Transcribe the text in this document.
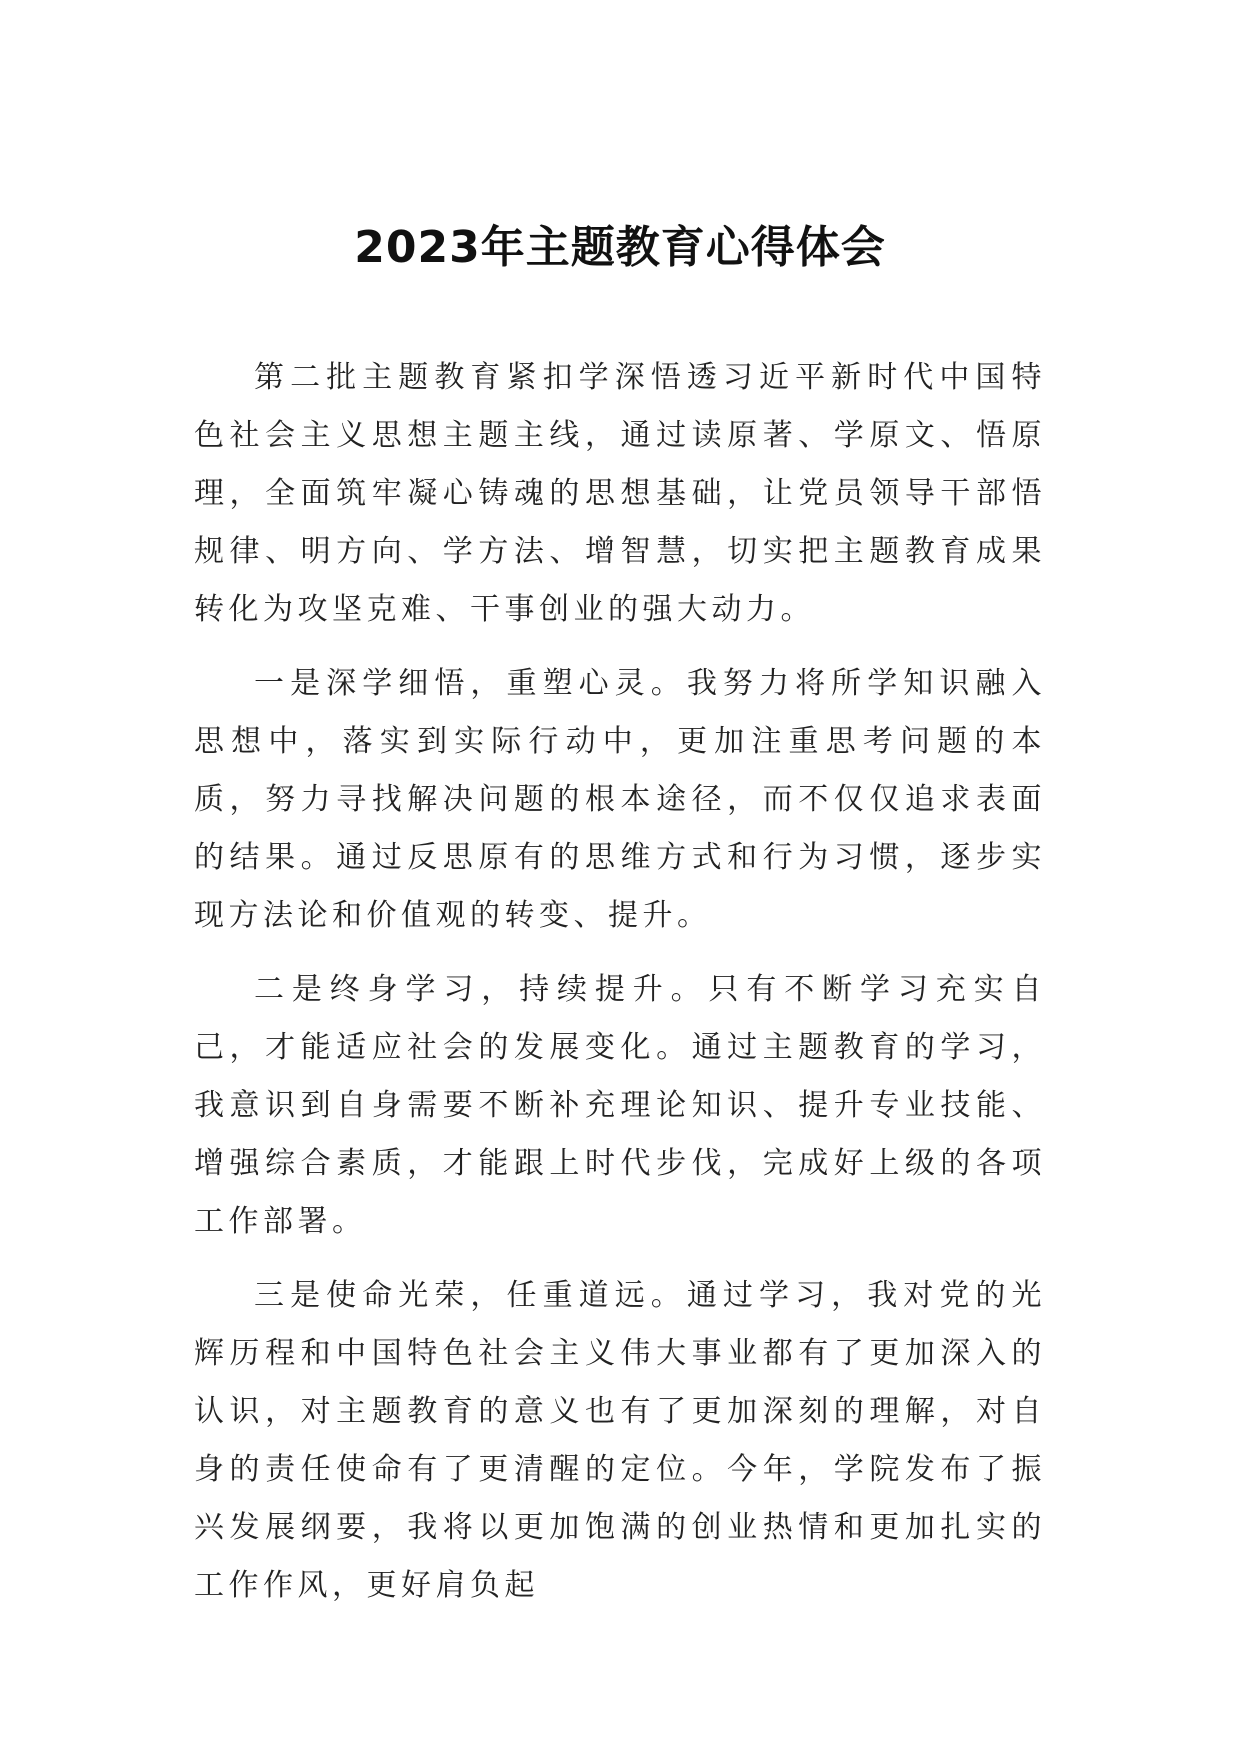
2023年主题教育心得体会

第二批主题教育紧扣学深悟透习近平新时代中国特色社会主义思想主题主线，通过读原著、学原文、悟原理，全面筑牢凝心铸魂的思想基础，让党员领导干部悟规律、明方向、学方法、增智慧，切实把主题教育成果转化为攻坚克难、干事创业的强大动力。

一是深学细悟，重塑心灵。我努力将所学知识融入思想中，落实到实际行动中，更加注重思考问题的本质，努力寻找解决问题的根本途径，而不仅仅追求表面的结果。通过反思原有的思维方式和行为习惯，逐步实现方法论和价值观的转变、提升。

二是终身学习，持续提升。只有不断学习充实自己，才能适应社会的发展变化。通过主题教育的学习，我意识到自身需要不断补充理论知识、提升专业技能、增强综合素质，才能跟上时代步伐，完成好上级的各项工作部署。

三是使命光荣，任重道远。通过学习，我对党的光辉历程和中国特色社会主义伟大事业都有了更加深入的认识，对主题教育的意义也有了更加深刻的理解，对自身的责任使命有了更清醒的定位。今年，学院发布了振兴发展纲要，我将以更加饱满的创业热情和更加扎实的工作作风，更好肩负起
